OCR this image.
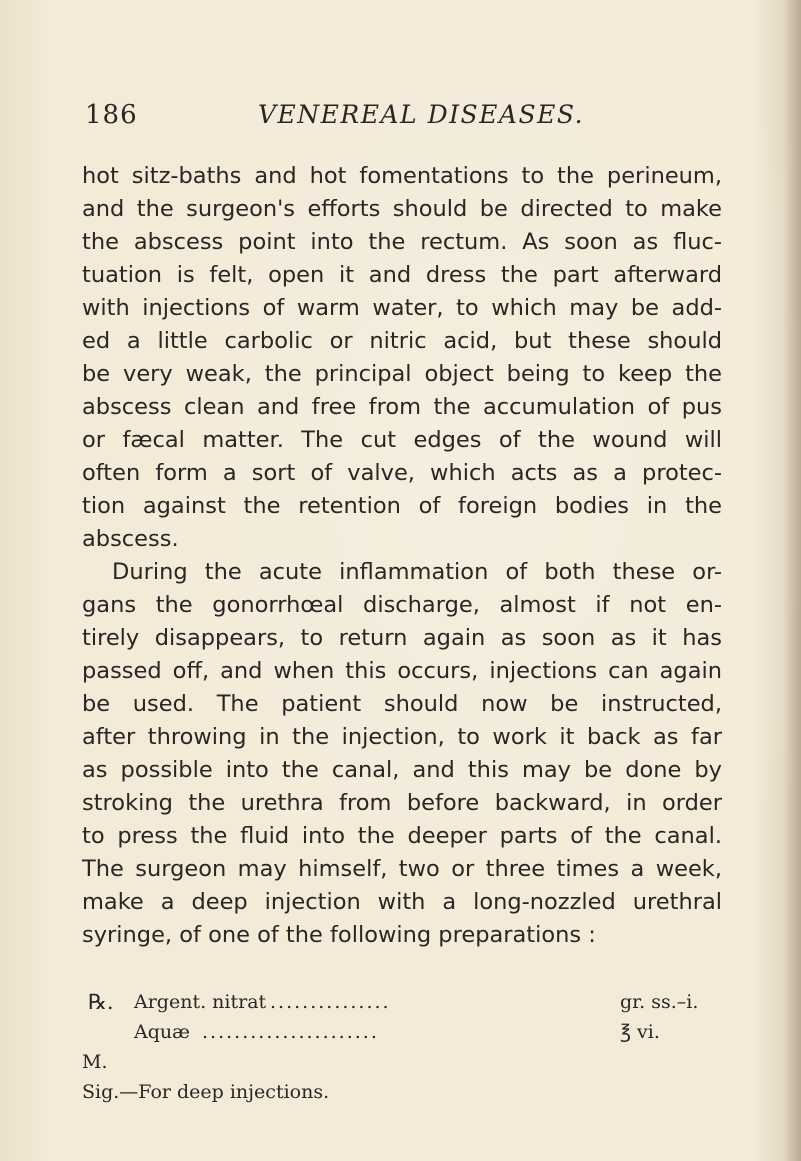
186	VENEREAL DISEASES.
hot sitz-baths and hot fomentations to the perineum,
and the surgeon's efforts should be directed to make
the abscess point into the rectum. As soon as fluc-
tuation is felt, open it and dress the part afterward
with injections of warm water, to which may be add-
ed a little carbolic or nitric acid, but these should
be very weak, the principal object being to keep the
abscess clean and free from the accumulation of pus
or fæcal matter. The cut edges of the wound will
often form a sort of valve, which acts as a protec-
tion against the retention of foreign bodies in the
abscess.
During the acute inflammation of both these or-
gans the gonorrhœal discharge, almost if not en-
tirely disappears, to return again as soon as it has
passed off, and when this occurs, injections can again
be used. The patient should now be instructed,
after throwing in the injection, to work it back as far
as possible into the canal, and this may be done by
stroking the urethra from before backward, in order
to press the fluid into the deeper parts of the canal.
The surgeon may himself, two or three times a week,
make a deep injection with a long-nozzled urethral
syringe, of one of the following preparations :
℞. Argent. nitrat ...............	gr. ss.–i.
Aquæ ......................	℥ vi.
M.
Sig.—For deep injections.
